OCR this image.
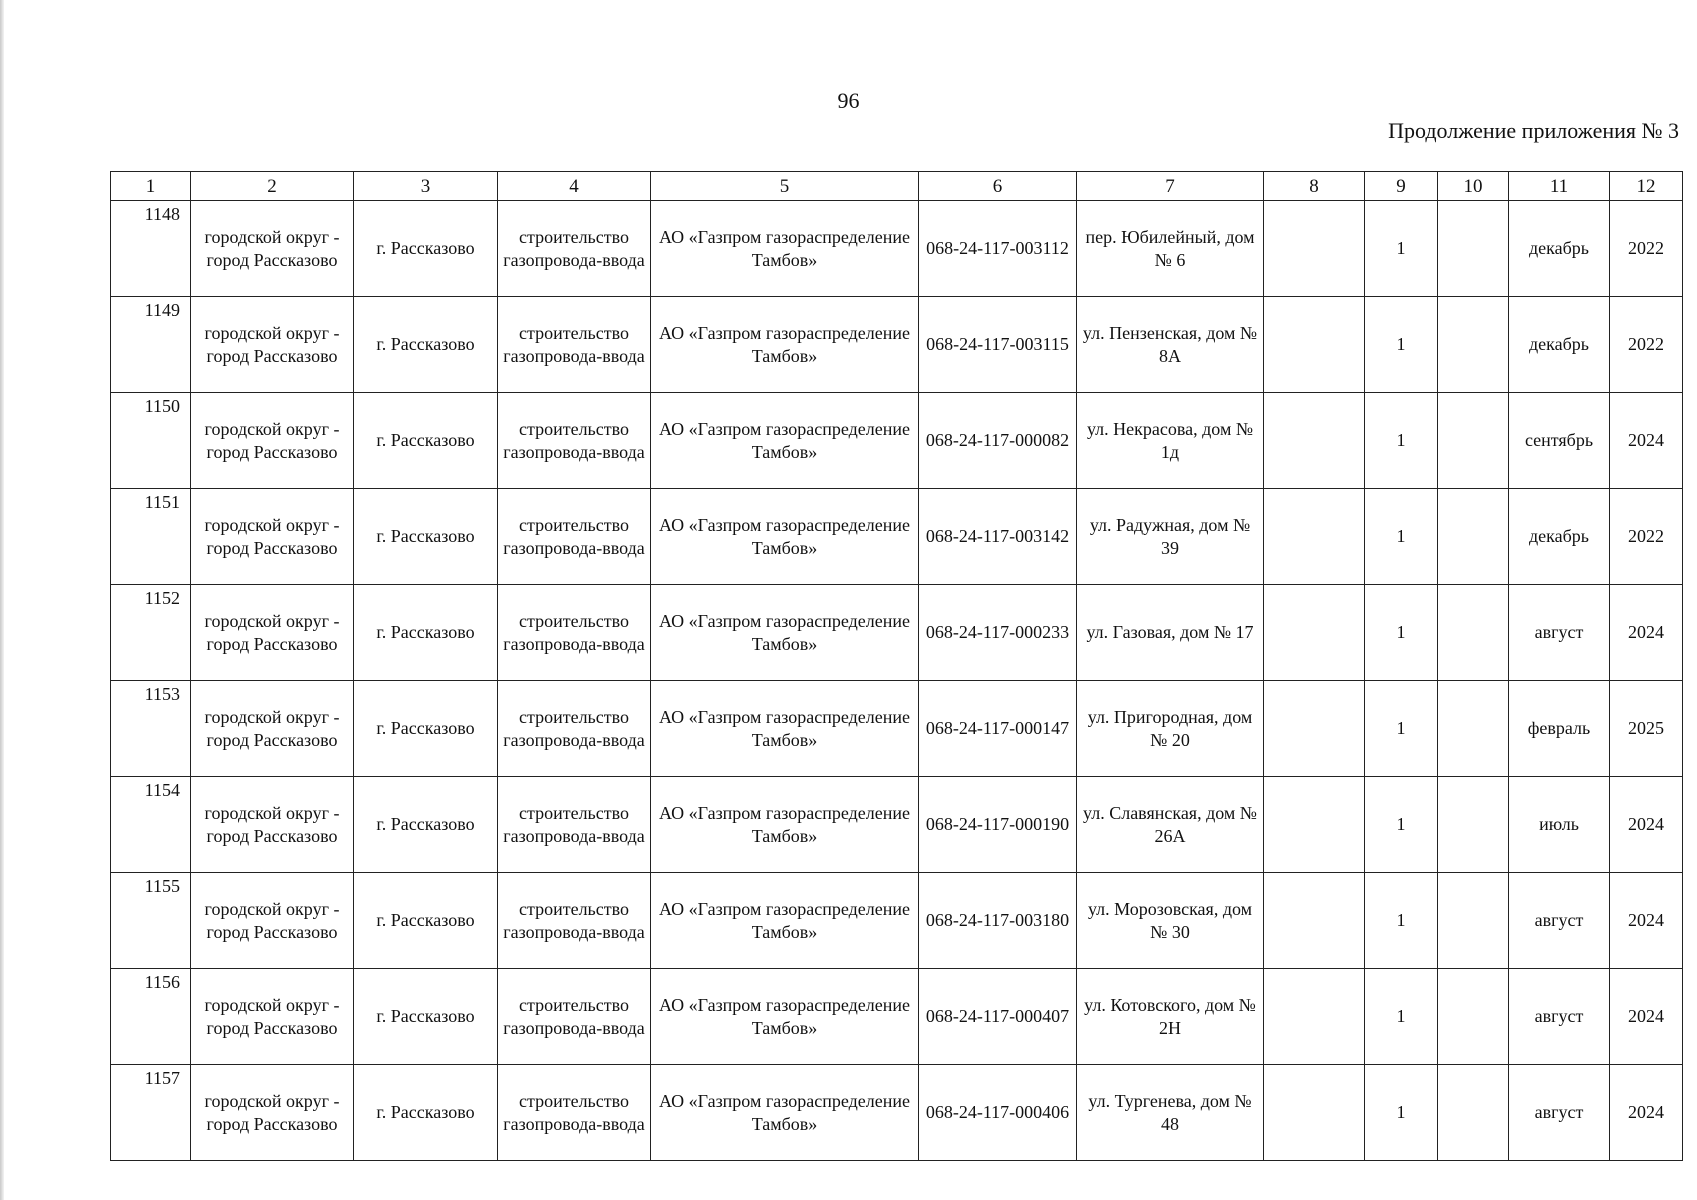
96
Продолжение приложения № 3
1	2	3	4	5	6	7	8	9	10	11	12
1148	городской округ - город Рассказово	г. Рассказово	строительство газопровода-ввода	АО «Газпром газораспределение Тамбов»	068-24-117-003112	пер. Юбилейный, дом № 6		1		декабрь	2022
1149	городской округ - город Рассказово	г. Рассказово	строительство газопровода-ввода	АО «Газпром газораспределение Тамбов»	068-24-117-003115	ул. Пензенская, дом № 8А		1		декабрь	2022
1150	городской округ - город Рассказово	г. Рассказово	строительство газопровода-ввода	АО «Газпром газораспределение Тамбов»	068-24-117-000082	ул. Некрасова, дом № 1д		1		сентябрь	2024
1151	городской округ - город Рассказово	г. Рассказово	строительство газопровода-ввода	АО «Газпром газораспределение Тамбов»	068-24-117-003142	ул. Радужная, дом № 39		1		декабрь	2022
1152	городской округ - город Рассказово	г. Рассказово	строительство газопровода-ввода	АО «Газпром газораспределение Тамбов»	068-24-117-000233	ул. Газовая, дом № 17		1		август	2024
1153	городской округ - город Рассказово	г. Рассказово	строительство газопровода-ввода	АО «Газпром газораспределение Тамбов»	068-24-117-000147	ул. Пригородная, дом № 20		1		февраль	2025
1154	городской округ - город Рассказово	г. Рассказово	строительство газопровода-ввода	АО «Газпром газораспределение Тамбов»	068-24-117-000190	ул. Славянская, дом № 26А		1		июль	2024
1155	городской округ - город Рассказово	г. Рассказово	строительство газопровода-ввода	АО «Газпром газораспределение Тамбов»	068-24-117-003180	ул. Морозовская, дом № 30		1		август	2024
1156	городской округ - город Рассказово	г. Рассказово	строительство газопровода-ввода	АО «Газпром газораспределение Тамбов»	068-24-117-000407	ул. Котовского, дом № 2Н		1		август	2024
1157	городской округ - город Рассказово	г. Рассказово	строительство газопровода-ввода	АО «Газпром газораспределение Тамбов»	068-24-117-000406	ул. Тургенева, дом № 48		1		август	2024
